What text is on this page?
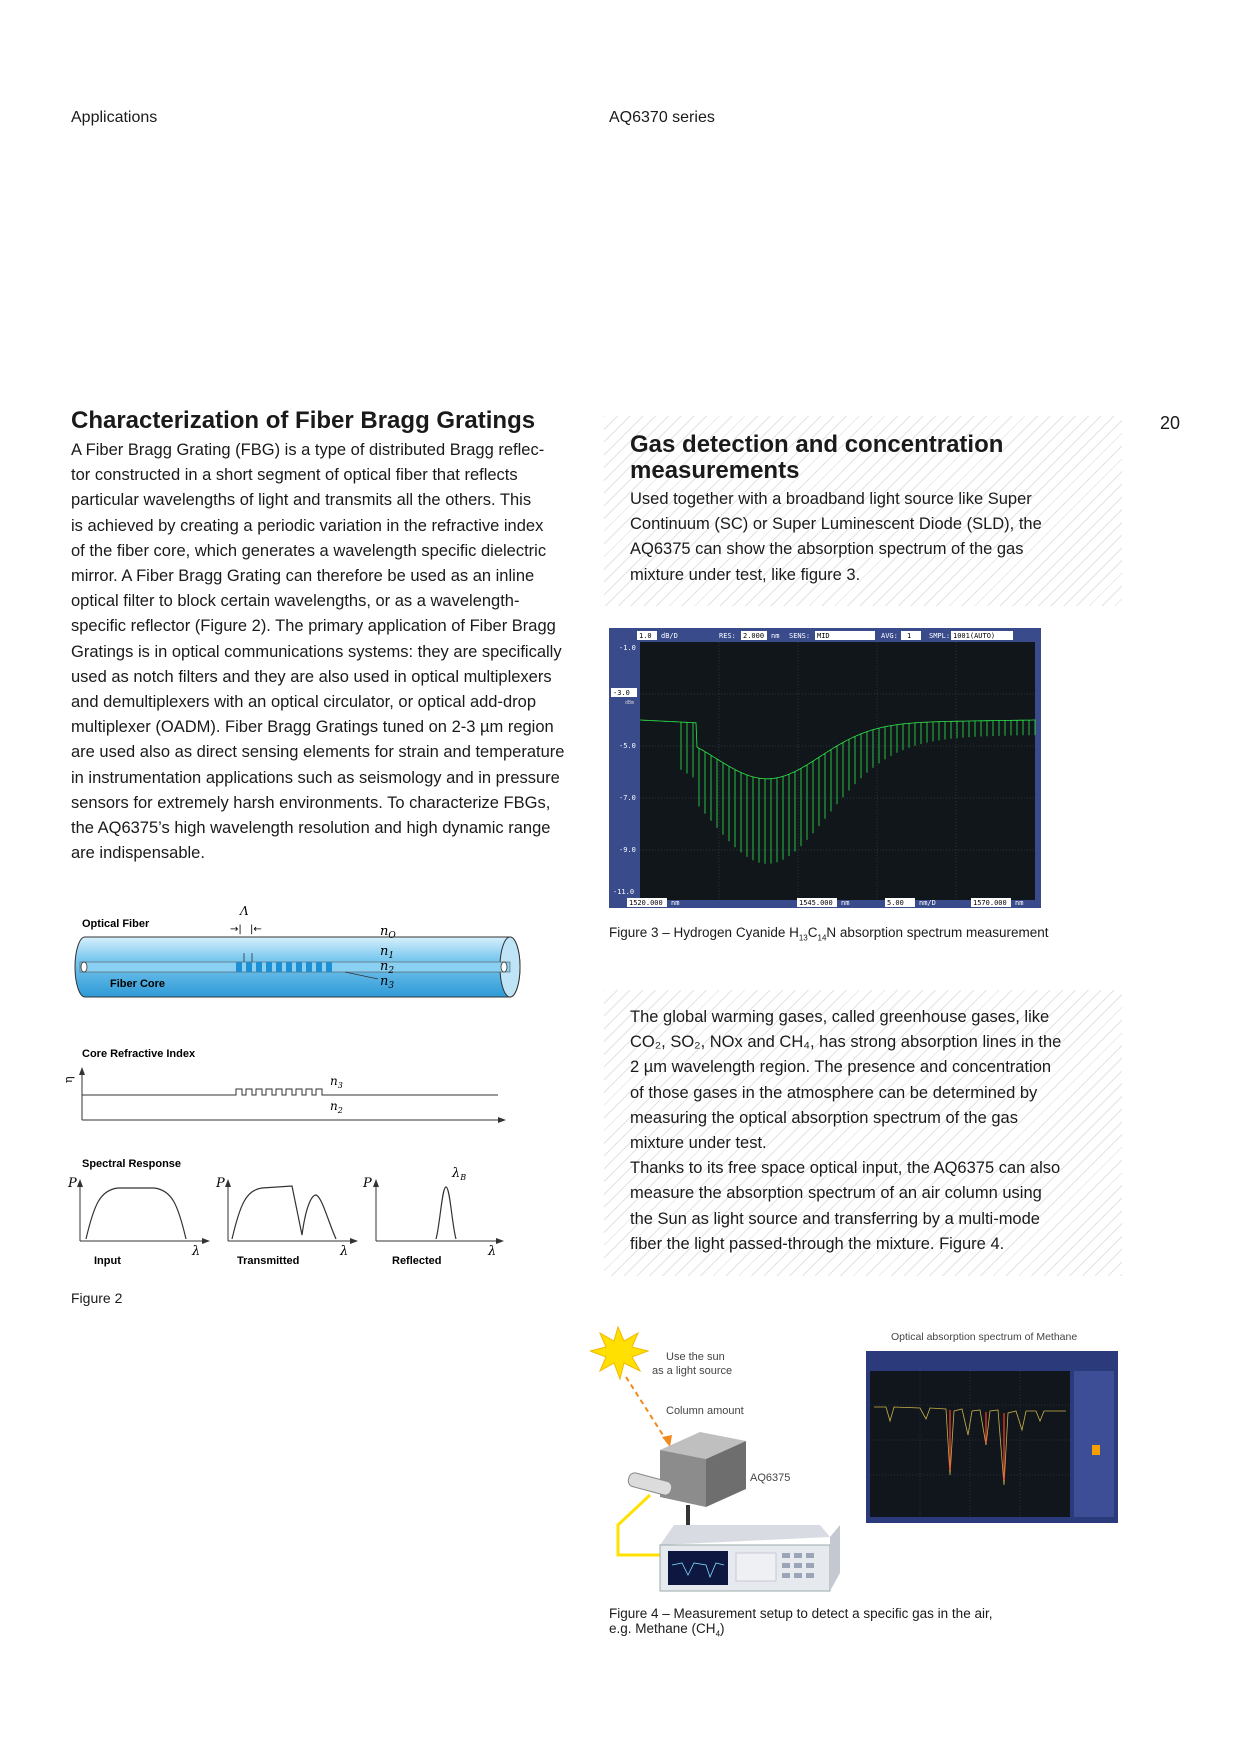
Applications	AQ6370 series
20
Characterization of Fiber Bragg Gratings
A Fiber Bragg Grating (FBG) is a type of distributed Bragg reflec-
tor constructed in a short segment of optical fiber that reflects
particular wavelengths of light and transmits all the others. This
is achieved by creating a periodic variation in the refractive index
of the fiber core, which generates a wavelength specific dielectric
mirror. A Fiber Bragg Grating can therefore be used as an inline
optical filter to block certain wavelengths, or as a wavelength-
specific reflector (Figure 2). The primary application of Fiber Bragg
Gratings is in optical communications systems: they are specifically
used as notch filters and they are also used in optical multiplexers
and demultiplexers with an optical circulator, or optical add-drop
multiplexer (OADM). Fiber Bragg Gratings tuned on 2-3 µm region
are used also as direct sensing elements for strain and temperature
in instrumentation applications such as seismology and in pressure
sensors for extremely harsh environments. To characterize FBGs,
the AQ6375’s high wavelength resolution and high dynamic range
are indispensable.
Λ
→| |←
Optical Fiber
Fiber Core
$n_O$
$n_1$
$n_2$
$n_3$
Core Refractive Index
η	$n_3$
$n_2$
Spectral Response
P
λ
Input
P
λ
Transmitted
P
$\lambda_B$
λ
Reflected
Figure 2
Gas detection and concentration
measurements
Used together with a broadband light source like Super
Continuum (SC) or Super Luminescent Diode (SLD), the
AQ6375 can show the absorption spectrum of the gas
mixture under test, like figure 3.
1.0 dB/D	RES: 2.000 nm SENS: MID	AVG: 1	SMPL: 1001(AUTO)
-3.0
dBm
-1.0
-5.0
-7.0
-9.0
-11.0
1520.000 nm	1545.000 nm	5.00 nm/D	1570.000 nm
Figure 3 – Hydrogen Cyanide $H_{13}C_{14}N$ absorption spectrum measurement
The global warming gases, called greenhouse gases, like
CO₂, SO₂, NOx and CH₄, has strong absorption lines in the
2 µm wavelength region. The presence and concentration
of those gases in the atmosphere can be determined by
measuring the optical absorption spectrum of the gas
mixture under test.
Thanks to its free space optical input, the AQ6375 can also
measure the absorption spectrum of an air column using
the Sun as light source and transferring by a multi-mode
fiber the light passed-through the mixture. Figure 4.
Use the sun
as a light source
Column amount
AQ6375
Optical absorption spectrum of Methane
Figure 4 – Measurement setup to detect a specific gas in the air,
e.g. Methane $(CH_4)$
